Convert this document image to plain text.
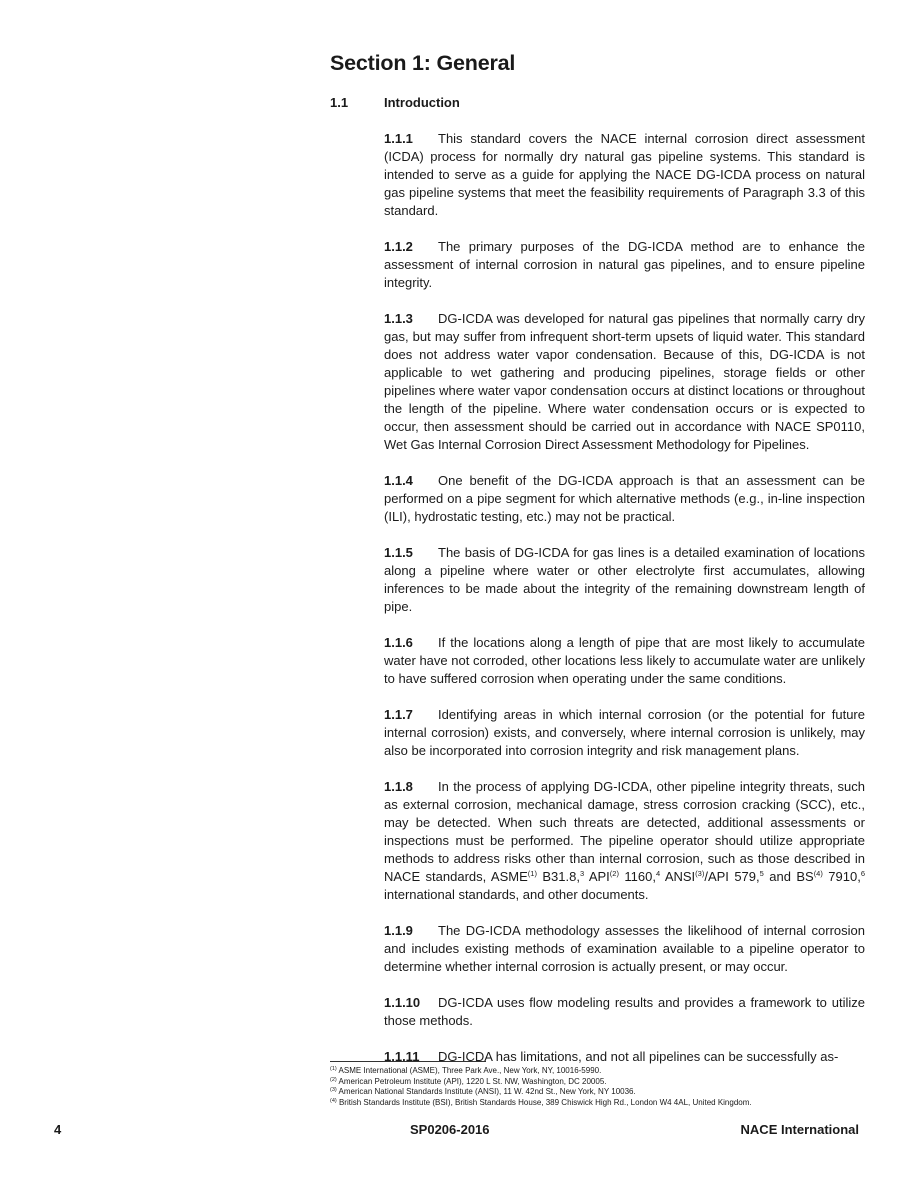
Section 1: General
1.1	Introduction

1.1.1 This standard covers the NACE internal corrosion direct assessment (ICDA) process for normally dry natural gas pipeline systems. This standard is intended to serve as a guide for applying the NACE DG-ICDA process on natural gas pipeline systems that meet the feasibility requirements of Paragraph 3.3 of this standard.

1.1.2 The primary purposes of the DG-ICDA method are to enhance the assessment of internal corrosion in natural gas pipelines, and to ensure pipeline integrity.

1.1.3 DG-ICDA was developed for natural gas pipelines that normally carry dry gas, but may suffer from infrequent short-term upsets of liquid water. This standard does not address water vapor condensation. Because of this, DG-ICDA is not applicable to wet gathering and producing pipelines, storage fields or other pipelines where water vapor condensation occurs at distinct locations or throughout the length of the pipeline. Where water condensation occurs or is expected to occur, then assessment should be carried out in accordance with NACE SP0110, Wet Gas Internal Corrosion Direct Assessment Methodology for Pipelines.

1.1.4 One benefit of the DG-ICDA approach is that an assessment can be performed on a pipe segment for which alternative methods (e.g., in-line inspection (ILI), hydrostatic testing, etc.) may not be practical.

1.1.5 The basis of DG-ICDA for gas lines is a detailed examination of locations along a pipeline where water or other electrolyte first accumulates, allowing inferences to be made about the integrity of the remaining downstream length of pipe.

1.1.6 If the locations along a length of pipe that are most likely to accumulate water have not corroded, other locations less likely to accumulate water are unlikely to have suffered corrosion when operating under the same conditions.

1.1.7 Identifying areas in which internal corrosion (or the potential for future internal corrosion) exists, and conversely, where internal corrosion is unlikely, may also be incorporated into corrosion integrity and risk management plans.

1.1.8 In the process of applying DG-ICDA, other pipeline integrity threats, such as external corrosion, mechanical damage, stress corrosion cracking (SCC), etc., may be detected. When such threats are detected, additional assessments or inspections must be performed. The pipeline operator should utilize appropriate methods to address risks other than internal corrosion, such as those described in NACE standards, ASME$^{(1)}$ B31.8,$^3$ API$^{(2)}$ 1160,$^4$ ANSI$^{(3)}$/API 579,$^5$ and BS$^{(4)}$ 7910,$^6$ international standards, and other documents.

1.1.9 The DG-ICDA methodology assesses the likelihood of internal corrosion and includes existing methods of examination available to a pipeline operator to determine whether internal corrosion is actually present, or may occur.

1.1.10 DG-ICDA uses flow modeling results and provides a framework to utilize those methods.

1.1.11 DG-ICDA has limitations, and not all pipelines can be successfully as-

$^{(1)}$ ASME International (ASME), Three Park Ave., New York, NY, 10016-5990.
$^{(2)}$ American Petroleum Institute (API), 1220 L St. NW, Washington, DC 20005.
$^{(3)}$ American National Standards Institute (ANSI), 11 W. 42nd St., New York, NY 10036.
$^{(4)}$ British Standards Institute (BSI), British Standards House, 389 Chiswick High Rd., London W4 4AL, United Kingdom.
4	SP0206-2016	NACE International
